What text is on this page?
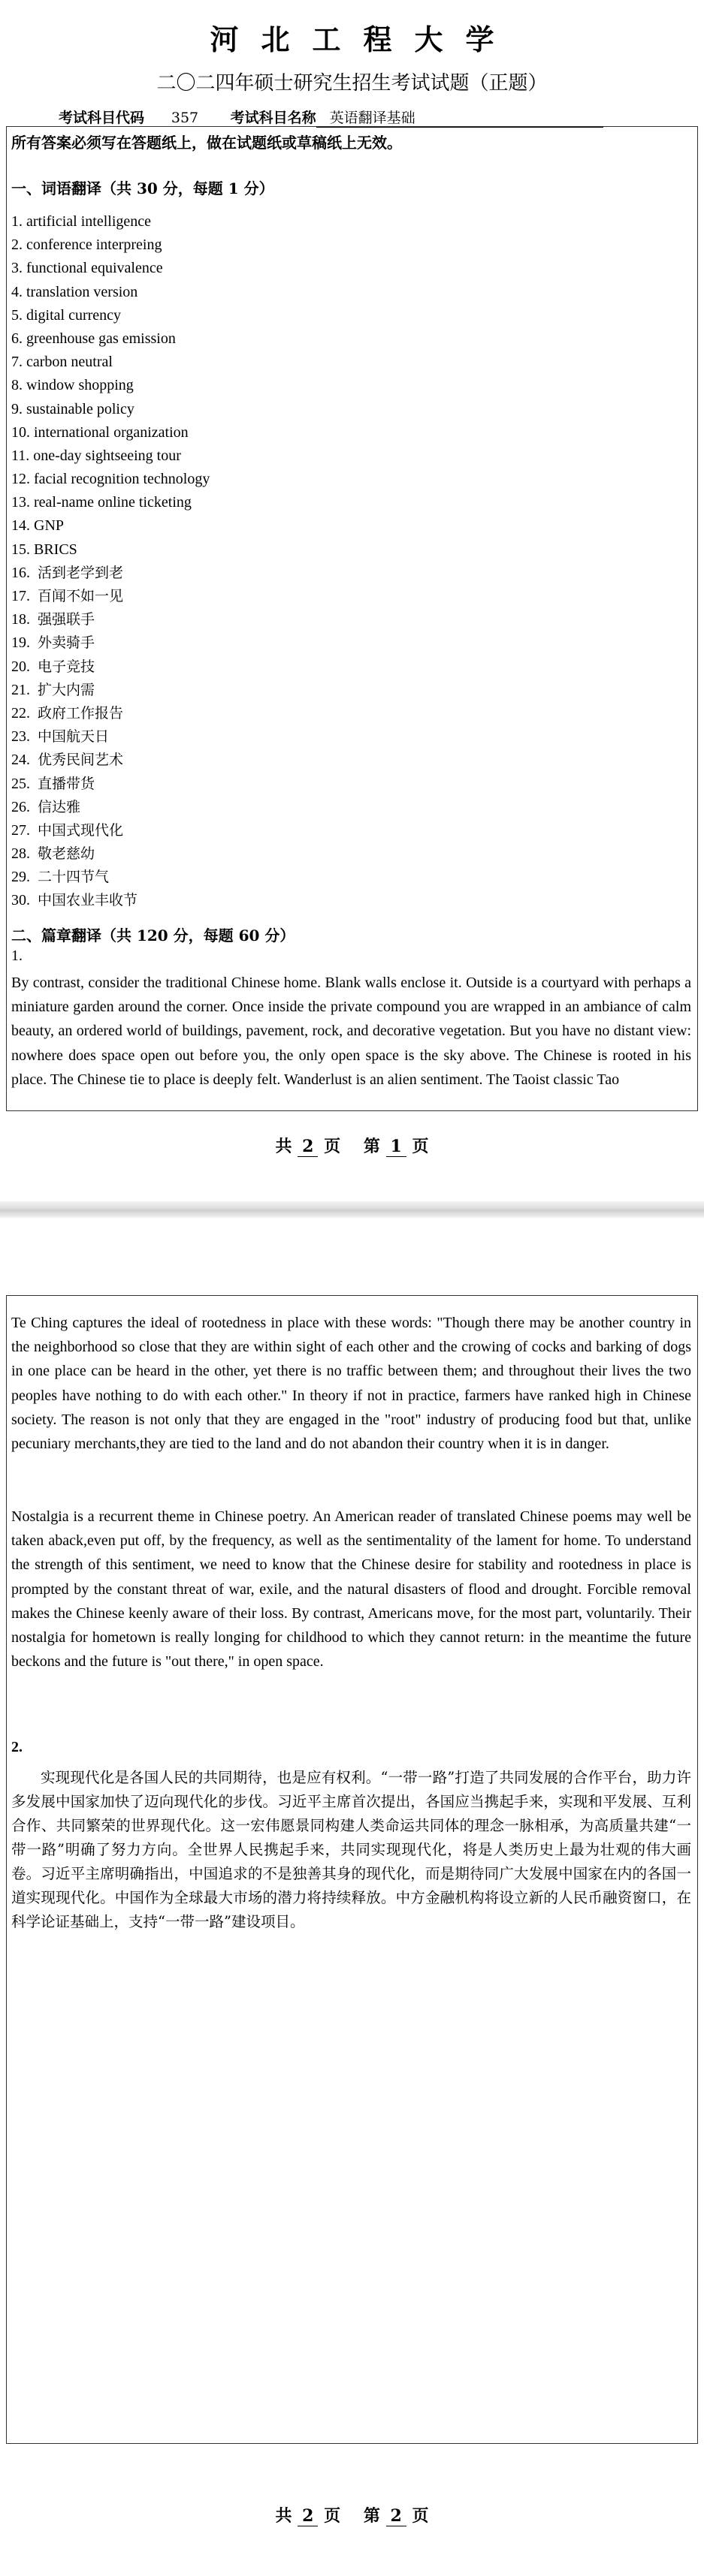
河北工程大学
二〇二四年硕士研究生招生考试试题（正题）
考试科目代码 357 考试科目名称 英语翻译基础
所有答案必须写在答题纸上，做在试题纸或草稿纸上无效。
一、词语翻译（共 30 分，每题 1 分）
1. artificial intelligence
2. conference interpreing
3. functional equivalence
4. translation version
5. digital currency
6. greenhouse gas emission
7. carbon neutral
8. window shopping
9. sustainable policy
10. international organization
11. one-day sightseeing tour
12. facial recognition technology
13. real-name online ticketing
14. GNP
15. BRICS
16. 活到老学到老
17. 百闻不如一见
18. 强强联手
19. 外卖骑手
20. 电子竞技
21. 扩大内需
22. 政府工作报告
23. 中国航天日
24. 优秀民间艺术
25. 直播带货
26. 信达雅
27. 中国式现代化
28. 敬老慈幼
29. 二十四节气
30. 中国农业丰收节
二、篇章翻译（共 120 分，每题 60 分）
1.

By contrast, consider the traditional Chinese home. Blank walls enclose it. Outside is a courtyard with perhaps a miniature garden around the corner. Once inside the private compound you are wrapped in an ambiance of calm beauty, an ordered world of buildings, pavement, rock, and decorative vegetation. But you have no distant view: nowhere does space open out before you, the only open space is the sky above. The Chinese is rooted in his place. The Chinese tie to place is deeply felt. Wanderlust is an alien sentiment. The Taoist classic Tao

共 2 页 第 1 页

Te Ching captures the ideal of rootedness in place with these words: "Though there may be another country in the neighborhood so close that they are within sight of each other and the crowing of cocks and barking of dogs in one place can be heard in the other, yet there is no traffic between them; and throughout their lives the two peoples have nothing to do with each other." In theory if not in practice, farmers have ranked high in Chinese society. The reason is not only that they are engaged in the "root" industry of producing food but that, unlike pecuniary merchants,they are tied to the land and do not abandon their country when it is in danger.

Nostalgia is a recurrent theme in Chinese poetry. An American reader of translated Chinese poems may well be taken aback,even put off, by the frequency, as well as the sentimentality of the lament for home. To understand the strength of this sentiment, we need to know that the Chinese desire for stability and rootedness in place is prompted by the constant threat of war, exile, and the natural disasters of flood and drought. Forcible removal makes the Chinese keenly aware of their loss. By contrast, Americans move, for the most part, voluntarily. Their nostalgia for hometown is really longing for childhood to which they cannot return: in the meantime the future beckons and the future is "out there," in open space.

2.

实现现代化是各国人民的共同期待，也是应有权利。“一带一路”打造了共同发展的合作平台，助力许多发展中国家加快了迈向现代化的步伐。习近平主席首次提出，各国应当携起手来，实现和平发展、互利合作、共同繁荣的世界现代化。这一宏伟愿景同构建人类命运共同体的理念一脉相承，为高质量共建“一带一路”明确了努力方向。全世界人民携起手来，共同实现现代化，将是人类历史上最为壮观的伟大画卷。习近平主席明确指出，中国追求的不是独善其身的现代化，而是期待同广大发展中国家在内的各国一道实现现代化。中国作为全球最大市场的潜力将持续释放。中方金融机构将设立新的人民币融资窗口，在科学论证基础上，支持“一带一路”建设项目。

共 2 页 第 2 页
